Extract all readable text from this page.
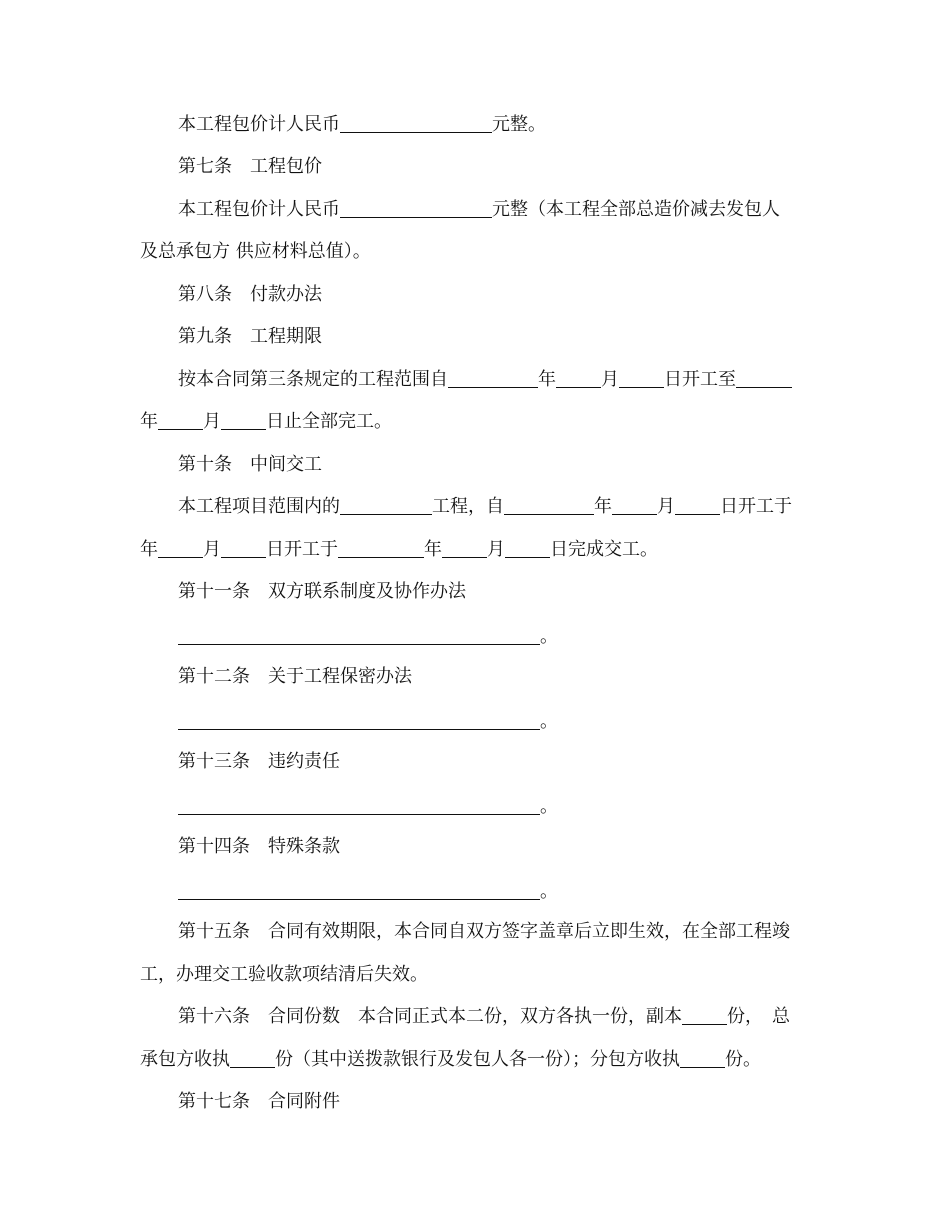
本工程包价计人民币	元整。
第七条　工程包价
本工程包价计人民币	元整（本工程全部总造价减去发包人
及总承包方 供应材料总值）。
第八条　付款办法
第九条　工程期限
按本合同第三条规定的工程范围自	年	月	日开工至
年	月	日止全部完工。
第十条　中间交工
本工程项目范围内的	工程，自	年	月	日开工于
年	月	日开工于	年	月	日完成交工。
第十一条　双方联系制度及协作办法
。
第十二条　关于工程保密办法
。
第十三条　违约责任
。
第十四条　特殊条款
。
第十五条　合同有效期限，本合同自双方签字盖章后立即生效，在全部工程竣
工，办理交工验收款项结清后失效。
第十六条　合同份数　本合同正式本二份，双方各执一份，副本	份，　总
承包方收执	份（其中送拨款银行及发包人各一份）；分包方收执	份。
第十七条　合同附件
